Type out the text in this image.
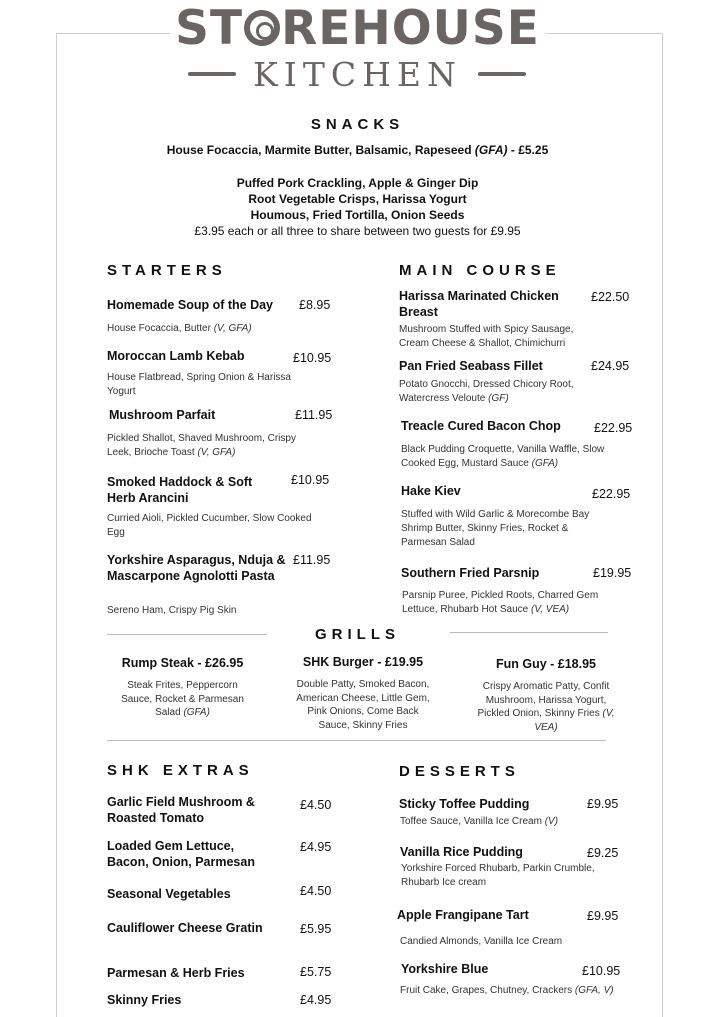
ST REHOUSE
KITCHEN
SNACKS
House Focaccia, Marmite Butter, Balsamic, Rapeseed (GFA) - £5.25
Puffed Pork Crackling, Apple & Ginger Dip
Root Vegetable Crisps, Harissa Yogurt
Houmous, Fried Tortilla, Onion Seeds
£3.95 each or all three to share between two guests for £9.95
STARTERS
Homemade Soup of the Day	£8.95
House Focaccia, Butter (V, GFA)
Moroccan Lamb Kebab	£10.95
House Flatbread, Spring Onion & Harissa Yogurt
Mushroom Parfait	£11.95
Pickled Shallot, Shaved Mushroom, Crispy Leek, Brioche Toast (V, GFA)
Smoked Haddock & Soft Herb Arancini
£10.95
Curried Aioli, Pickled Cucumber, Slow Cooked Egg
Yorkshire Asparagus, Nduja & Mascarpone Agnolotti Pasta
£11.95
Sereno Ham, Crispy Pig Skin
MAIN COURSE
Harissa Marinated Chicken Breast
£22.50
Mushroom Stuffed with Spicy Sausage, Cream Cheese & Shallot, Chimichurri
Pan Fried Seabass Fillet	£24.95
Potato Gnocchi, Dressed Chicory Root, Watercress Veloute (GF)
Treacle Cured Bacon Chop	£22.95
Black Pudding Croquette, Vanilla Waffle, Slow Cooked Egg, Mustard Sauce (GFA)
Hake Kiev	£22.95
Stuffed with Wild Garlic & Morecombe Bay Shrimp Butter, Skinny Fries, Rocket & Parmesan Salad
Southern Fried Parsnip	£19.95
Parsnip Puree, Pickled Roots, Charred Gem Lettuce, Rhubarb Hot Sauce (V, VEA)
GRILLS
Rump Steak - £26.95
Steak Frites, Peppercorn Sauce, Rocket & Parmesan Salad (GFA)
SHK Burger - £19.95
Double Patty, Smoked Bacon, American Cheese, Little Gem, Pink Onions, Come Back Sauce, Skinny Fries
Fun Guy - £18.95
Crispy Aromatic Patty, Confit Mushroom, Harissa Yogurt, Pickled Onion, Skinny Fries (V, VEA)
SHK EXTRAS
Garlic Field Mushroom & Roasted Tomato
£4.50
Loaded Gem Lettuce, Bacon, Onion, Parmesan
£4.95
Seasonal Vegetables	£4.50
Cauliflower Cheese Gratin	£5.95
Parmesan & Herb Fries	£5.75
Skinny Fries	£4.95
DESSERTS
Sticky Toffee Pudding	£9.95
Toffee Sauce, Vanilla Ice Cream (V)
Vanilla Rice Pudding	£9.25
Yorkshire Forced Rhubarb, Parkin Crumble, Rhubarb Ice cream
Apple Frangipane Tart	£9.95
Candied Almonds, Vanilla Ice Cream
Yorkshire Blue	£10.95
Fruit Cake, Grapes, Chutney, Crackers (GFA, V)
